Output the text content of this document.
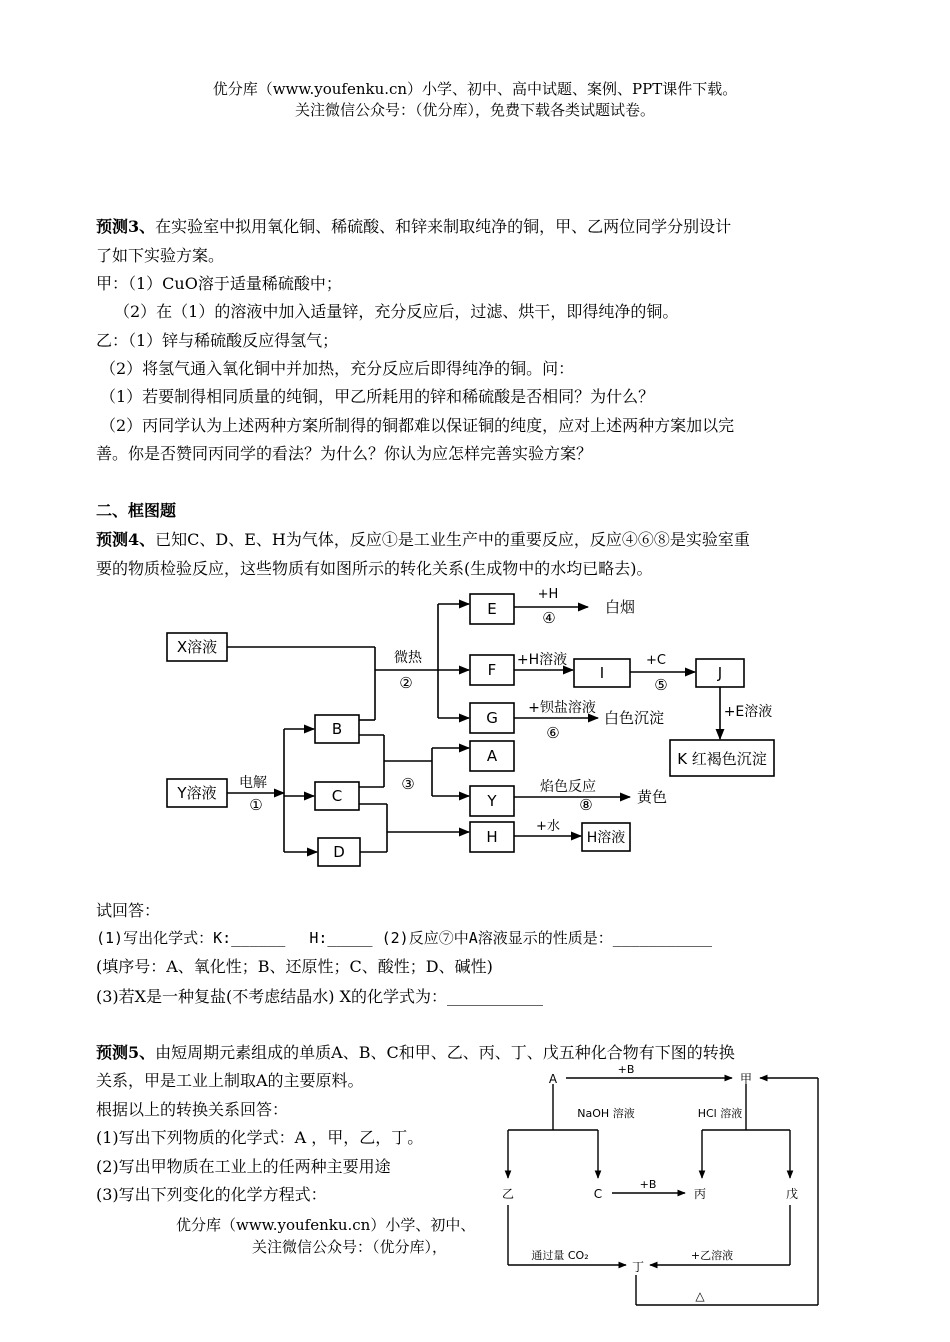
优分库（www.youfenku.cn）小学、初中、高中试题、案例、PPT课件下载。
关注微信公众号：（优分库），免费下载各类试题试卷。
预测3、在实验室中拟用氧化铜、稀硫酸、和锌来制取纯净的铜，甲、乙两位同学分别设计
了如下实验方案。
甲：（1）CuO溶于适量稀硫酸中；
（2）在（1）的溶液中加入适量锌，充分反应后，过滤、烘干，即得纯净的铜。
乙：（1）锌与稀硫酸反应得氢气；
（2）将氢气通入氧化铜中并加热，充分反应后即得纯净的铜。问：
（1）若要制得相同质量的纯铜，甲乙所耗用的锌和稀硫酸是否相同？为什么？
（2）丙同学认为上述两种方案所制得的铜都难以保证铜的纯度，应对上述两种方案加以完
善。你是否赞同丙同学的看法？为什么？你认为应怎样完善实验方案？
二、框图题
预测4、已知C、D、E、H为气体，反应①是工业生产中的重要反应，反应④⑥⑧是实验室重
要的物质检验反应，这些物质有如图所示的转化关系(生成物中的水均已略去)。
X溶液
Y溶液
B
C
D
E
F
G
A
Y
H
I	J
H溶液
K 红褐色沉淀
+H
④
白烟
微热
②
+H溶液	+C
⑤
+钡盐溶液
白色沉淀
⑥
+E溶液
电解
①
③	焰色反应
⑧	黄色
+水
试回答：
(1)写出化学式：K:______　 H:_____ (2)反应⑦中A溶液显示的性质是：___________
(填序号：A、氧化性；B、还原性；C、酸性；D、碱性)
(3)若X是一种复盐(不考虑结晶水) X的化学式为：____________
预测5、由短周期元素组成的单质A、B、C和甲、乙、丙、丁、戊五种化合物有下图的转换
关系，甲是工业上制取A的主要原料。
根据以上的转换关系回答：
(1)写出下列物质的化学式：A ，甲，乙，丁。
(2)写出甲物质在工业上的任两种主要用途
(3)写出下列变化的化学方程式：
优分库（www.youfenku.cn）小学、初中、
关注微信公众号：（优分库），
A
+B
甲
NaOH 溶液	HCl 溶液
乙	C
+B
丙	戊
通过量 CO₂	+乙溶液
丁
△
